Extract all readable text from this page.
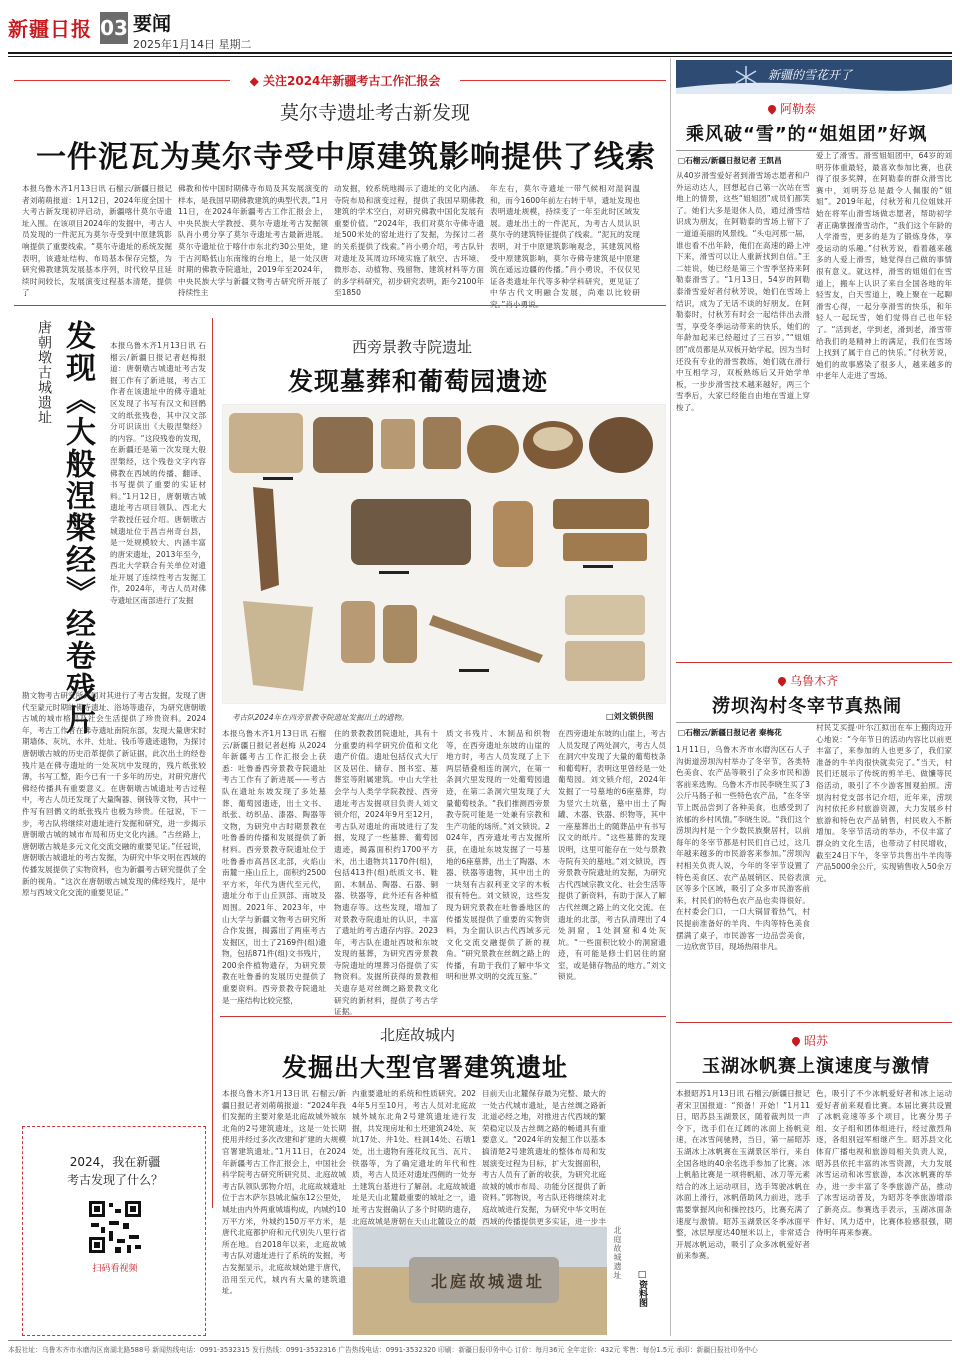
新疆日报 03 要闻
2025年1月14日 星期二
◆ 关注2024年新疆考古工作汇报会	新疆的雪花开了
莫尔寺遗址考古新发现
一件泥瓦为莫尔寺受中原建筑影响提供了线索
本报乌鲁木齐1月13日讯 石榴云/新疆日报记者刘萌萌报道：1月12日，2024年度全国十大考古新发现初评启动，新疆喀什莫尔寺遗址入围。在该项目2024年的发掘中，考古人员发现的一件泥瓦为莫尔寺受到中原建筑影响提供了重要线索。“莫尔寺遗址的系统发掘表明，该遗址结构、布局基本保存完整，为研究佛教建筑发展基本序列，时代较早且延续时间较长，发展演变过程基本清楚，提供了
佛教和传中国时期佛寺布局及其发展演变的样本，是我国早期佛教建筑的典型代表。”1月11日，在2024年新疆考古工作汇报会上，中央民族大学教授、莫尔寺遗址考古发掘领队肖小勇分享了莫尔寺遗址考古最新进展。莫尔寺遗址位于喀什市东北约30公里处，建于古河略低山东南缘的台地上，是一处汉唐时期的佛教寺院遗址，2019年至2024年，中央民族大学与新疆文物考古研究所开展了持续性主
动发掘，较系统地揭示了遗址的文化内涵、寺院布局和演变过程，提供了我国早期佛教建筑的学术空白，对研究佛教中国化发展有重要价值。“2024年，我们对莫尔寺佛寺遗址500米处的窑址进行了发掘，为探讨二者的关系提供了线索。”肖小勇介绍，考古队针对遗址及其周边环境实施了航空、古环境、微形态、动植物、残留物、建筑材料等方面的多学科研究，初步研究表明，距今2100年至1850
年左右，莫尔寺遗址一带气候相对湿润温和，而今1600年前左右转干旱，遗址发现也表明遗址规模，持续变了一年至此时区域发展。遗址出土的一件泥瓦，为考古人员认识莫尔寺的建筑特征提供了线索。“泥瓦的发现表明，对于中原建筑影响观念，其建筑风格受中原建筑影响，莫尔寺佛寺建筑是中原建筑在遥远边疆的传播。”肖小勇说，不仅仅见证各类遗址年代等多种学科研究，更见证了中华古代文明融合发展，尚难以比较研
发现《大般涅槃经》经卷残片
唐朝墩古城遗址	本报乌鲁木齐1月13日讯 石榴云/新疆日报记者赵梅报道：唐朝墩古城遗址考古发掘工作有了新进展，考古工作者在该遗址中的佛寺遗址区发现了书写有汉文和回鹘文的纸张残卷，其中汉文部分可识读出《大般涅槃经》的内容。“这段残卷的发现，在新疆还是第一次发现大般涅槃经，这个残卷文字内容佛教在西域的传播、翻译、书写提供了重要的实证材料。”1月12日，唐朝墩古城遗址考古项目领队、西北大学教授任冠介绍。唐朝墩古城遗址位于昌吉州奇台县，是一处规模较大、内涵丰富的唐宋遗址，2013年至今，西北大学联合有关单位对遗址开展了连续性考古发掘工作，2024年，考古人员对佛寺遗址区南部进行了发掘
勘文物考古研究所共同对其进行了考古发掘，发现了唐代至蒙元时期的佛寺遗址、浴场等遗存，为研究唐朝墩古城的城市格局及社会生活提供了珍贵资料。2024年，考古工作者在佛寺遗址南院东部，发现大量唐宋时期墙体、灰坑、水井、灶址、钱币等遗迹遗物，为探讨唐朝墩古城的历史沿革提供了新证据，此次出土的经卷残片是在佛寺遗址的一处灰坑中发现的，残片纸张较薄，书写工整，距今已有一千多年的历史，对研究唐代佛经传播具有重要意义。在唐朝墩古城遗址考古过程中，考古人员还发现了大量陶器、铜钱等文物，其中一件写有回鹘文的纸张残片也极为珍贵。任冠说，下一步，考古队将继续对遗址进行发掘和研究，进一步揭示唐朝墩古城的城市布局和历史文化内涵。“古丝路上，唐朝墩古城是多元文化交流交融的重要见证。”任冠说，唐朝墩古城遗址的考古发掘，为研究中华文明在西域的传播发展提供了实物资料，也为新疆考古研究提供了全新的视角。“这次在唐朝墩古城发现的佛经残片，是中原与西域文化交流的重要见证。”
2024，我在新疆
考古发现了什么？
扫码看视频
西旁景教寺院遗址
发现墓葬和葡萄园遗迹
考古队2024年在西旁景教寺院遗址发掘出土的遗物。	□刘文锁供图
本报乌鲁木齐1月13日讯 石榴云/新疆日报记者赵梅 从2024年新疆考古工作汇报会上获悉：吐鲁番西旁景教寺院遗址考古工作有了新进展——考古队在遗址东坡发现了多处墓葬、葡萄园遗迹，出土文书、纸张、纺织品、漆器、陶器等文物，为研究中古时期景教在吐鲁番的传播和发展提供了新材料。西旁景教寺院遗址位于吐鲁番市高昌区北部，火焰山南麓一座山丘上，面积约2500平方米，年代为唐代至元代，遗址分布于山丘顶部、南坡及周围。2021年、2023年，中山大学与新疆文物考古研究所合作发掘，揭露出了两座考古发掘区，出土了2169件(组)遗物，包括871件(组)文书残片，200余件植物遗存，为研究景教在吐鲁番的发展历史提供了重要资料。西旁景教寺院遗址是一座结构比较完整，
住的景教教团院遗址，具有十分重要的科学研究价值和文化遗产价值。遗址包括仪式大厅区及居住、储存、图书室、墓葬室等附属建筑。中山大学社会学与人类学学院教授、西旁遗址考古发掘项目负责人刘文锁介绍，2024年9月至12月，考古队对遗址的南坡进行了发掘，发现了一些墓葬、葡萄园遗迹，揭露面积约1700平方米，出土遗物共1170件(组)，包括413件(组)纸质文书、鞋面、木制品、陶器、石器、铜器、铁器等，此外还有各种植物遗存等。这些发现，增加了对景教寺院遗址的认识，丰富了遗址的考古遗存内容。2023年，考古队在遗址西坡和东坡发现的墓葬，为研究西旁景教寺院遗址的埋葬习俗提供了实物资料。发掘所获得的景教相关遗存是对丝绸之路景教文化研究的新材料，提供了考古学证据。
质文书残片、木制品和织物等，在西旁遗址东坡的山崖的地方时，考古人员发现了上下两层错叠相连的洞穴，在第一条洞穴里发现的一处葡萄园遗迹，在第二条洞穴里发现了大量葡萄枝条。“我们推测西旁景教寺院可能是一处兼有宗教和生产功能的场所。”刘文锁说。2024年，西旁遗址考古发掘所获，在遗址东坡发掘了一号墓地的6座墓葬，出土了陶器、木器、铁器等遗物，其中出土的一块刻有古叙利亚文字的木板很有特色。刘文锁说，这些发现为研究景教在吐鲁番地区的传播发展提供了重要的实物资料，为全面认识古代西域多元文化交流交融提供了新的视角。“研究景教在丝绸之路上的传播，有助于我们了解中华文明和世界文明的交流互鉴。”
在西旁遗址东坡的山崖上，考古人员发现了两处洞穴，考古人员在洞穴中发现了大量的葡萄枝条和葡萄籽，表明这里曾经是一处葡萄园。刘文锁介绍，2024年发掘了一号墓地的6座墓葬，均为竖穴土坑墓，墓中出土了陶罐、木器、铁器、织物等，其中一座墓葬出土的随葬品中有书写汉文的纸片。“这些墓葬的发现说明，这里可能存在一处与景教寺院有关的墓地。”刘文锁说，西旁景教寺院遗址的发掘，为研究古代西域宗教文化、社会生活等提供了新资料，有助于深入了解古代丝绸之路上的文化交流。在遗址的北部，考古队清理出了4处洞窟，1处洞窟和4处灰坑。“一些面积比较小的洞窟遗迹，有可能是修士们居住的窟室，或是储存物品的地方。”刘文锁说。
北庭故城内
发掘出大型官署建筑遗址
本报乌鲁木齐1月13日讯 石榴云/新疆日报记者刘萌萌报道：“2024年我们发掘的主要对象是北庭故城外城东北角的2号建筑遗址，这是一处长期使用并经过多次改建和扩建的大规模官署建筑遗址。”1月11日，在2024年新疆考古工作汇报会上，中国社会科学院考古研究所研究员、北庭故城考古队领队郭物介绍，北庭故城遗址位于吉木萨尔县城北偏东12公里处，城址由内外两重城墙构成，内城约10万平方米，外城约150万平方米，是唐代北庭都护府和元代别失八里行省所在地。自2018年以来，北庭故城考古队对遗址进行了系统的发掘，考古发掘显示，北庭故城始建于唐代，沿用至元代，城内有大量的建筑遗址。
内重要遗址的系统和性质研究。2024年5月至10月，考古人员对北庭故城外城东北角2号建筑遗址进行发掘，共发现房址和土坯建筑24处、灰坑17处、井1处、柱洞14处、石墩1处，出土遗物有莲花纹瓦当、瓦片、铁器等，为了确定遗址的年代和性质，考古人员还对遗址西侧的一处夯土建筑台基进行了解剖。北庭故城遗址是天山北麓最重要的城址之一，遗址考古发掘确认了多个时期的遗存，北庭故城是唐朝在天山北麓设立的最
目前天山北麓保存最为完整、最大的一处古代城市遗址，是古丝绸之路新北道必经之地，对推进古代西域的繁荣稳定以及古丝绸之路的畅通具有重要意义。“2024年的发掘工作以基本搞清楚2号建筑遗址的整体布局和发展演变过程为目标，扩大发掘面积，考古人员有了新的收获，为研究北庭故城的城市布局、功能分区提供了新资料。”郭物说，考古队还将继续对北庭故城进行发掘，为研究中华文明在西域的传播提供更多实证，进一步丰
北庭故城遗址
北庭故城遗址
□资料图
阿勒泰
乘风破“雪”的“姐姐团”好飒
□石榴云/新疆日报记者 王凯昌
从40岁滑雪爱好者到滑雪场志愿者和户外运动达人，回想起自己第一次站在雪地上的情景，这些“姐姐团”成员们都笑了。她们大多是退休人员，通过滑雪结识成为朋友，在阿勒泰的雪场上留下了一道道美丽的风景线。“头屯河那一届，谁也看不出年龄，俺们在高速的路上冲下来，滑雪可以让人重新找到自信。”王二娃说，她已经是第三个雪季坚持来阿勒泰滑雪了。“1月13日，54岁的阿勒泰滑雪爱好者付秋芳说，她们在雪场上结识，成为了无话不谈的好朋友。在阿勒泰时，付秋芳有时会一起结伴出去滑雪，享受冬季运动带来的快乐，她们的年龄加起来已经超过了三百岁。”“姐姐团”成员都是从双板开始学起，因为当时还没有专业的滑雪教练，她们就在滑行中互相学习，双板熟练后又开始学单板，一步步滑雪技术越来越好，两三个雪季后，大家已经能自由地在雪道上穿梭了。
爱上了滑雪。滑雪姐姐团中，64岁的刘明芬体重最轻，最喜欢参加比赛，也获得了很多奖牌，在阿勒泰的群众滑雪比赛中，刘明芬总是最令人佩服的“姐姐”。2019年起，付秋芳和几位姐妹开始在将军山滑雪场做志愿者，帮助初学者正确掌握滑雪动作，“我们这个年龄的人学滑雪，更多的是为了锻炼身体，享受运动的乐趣。”付秋芳说，看着越来越多的人爱上滑雪，她觉得自己做的事情很有意义。就这样，滑雪的姐姐们在雪道上，搬车上认识了来自全国各地的年轻雪友，白天雪道上，晚上聚在一起聊滑雪心得，一起分享滑雪的快乐，和年轻人一起玩雪，她们觉得自己也年轻了。“活到老，学到老，滑到老，滑雪带给我们的是精神上的满足，我们在雪场上找到了属于自己的快乐。”付秋芳说，她们的故事感染了很多人，越来越多的中老年人走进了雪场。
乌鲁木齐
涝坝沟村冬宰节真热闹
□石榴云/新疆日报记者 秦梅花
1月11日，乌鲁木齐市水磨沟区石人子沟街道涝坝沟村举办了冬宰节，各类特色美食、农产品等吸引了众多市民和游客前来选购。乌鲁木齐市民李晓生买了3公斤马肠子和一些特色农产品，“在冬宰节上既品尝到了各种美食，也感受到了浓郁的乡村风情。”李晓生说。“我们这个涝坝沟村是一个少数民族聚居村，以前每年的冬宰节都是村民们自己过，这几年越来越多的市民游客来参加。”涝坝沟村相关负责人说，今年的冬宰节设置了特色美食区、农产品展销区、民俗表演区等多个区域，吸引了众多市民游客前来，村民们的特色农产品也卖得很好。在村委会门口，一口大锅冒着热气，村民提前准备好的羊肉、牛肉等特色美食摆满了桌子，市民游客一边品尝美食，一边欣赏节目，现场热闹非凡。
村民艾买提·叶尔江拟出在车上搬肉边开心地说：“今年节日的活动内容比以前更丰富了，来参加的人也更多了，我们家准备的牛羊肉很快就卖完了。”当天，村民们还展示了传统的剪羊毛、做馕等民俗活动，吸引了不少游客围观拍照。涝坝沟村党支部书记介绍，近年来，涝坝沟村依托乡村旅游资源，大力发展乡村旅游和特色农产品销售，村民收入不断增加。冬宰节活动的举办，不仅丰富了群众的文化生活，也带动了村民增收，截至24日下午，冬宰节共售出牛羊肉等产品5000余公斤，实现销售收入50余万元。
昭苏
玉湖冰帆赛上演速度与激情
本报昭苏1月13日讯 石榴云/新疆日报记者宋卫国报道：“预备！开始！”1月11日，昭苏县玉湖景区，随着裁判员一声令下，选手们在辽阔的冰面上扬帆竞速，在冰雪间驰骋，当日，第一届昭苏玉湖冰上冰帆赛在玉湖景区举行，来自全国各地的40余名选手参加了比赛。冰上帆船比赛是一项将帆船、冰刀等元素结合的冰上运动项目，选手驾驶冰帆在冰面上滑行，冰帆借助风力前进，选手需要掌握风向和操控技巧，比赛充满了速度与激情。昭苏玉湖景区冬季冰面平整，冰层厚度达40厘米以上，非常适合开展冰帆运动，吸引了众多冰帆爱好者前来参赛。
色，吸引了不少冰帆爱好者和冰上运动爱好者前来观看比赛。本届比赛共设置了冰帆竞速等多个项目，比赛分男子组、女子组和团体组进行，经过激烈角逐，各组别冠军相继产生。昭苏县文化体育广播电视和旅游局相关负责人说，昭苏县依托丰富的冰雪资源，大力发展冰雪运动和冰雪旅游，本次冰帆赛的举办，进一步丰富了冬季旅游产品，推动了冰雪运动普及，为昭苏冬季旅游增添了新亮点。参赛选手表示，玉湖冰面条件好、风力适中，比赛体验感很强，期待明年再来参赛。
本报社址：乌鲁木齐市水磨沟区南湖北路588号 新闻热线电话：0991-3532315 发行热线：0991-3532316 广告热线电话：0991-3532320 印刷：新疆日报印务中心 订价：每月36元 全年定价：432元 零售：每份1.5元 承印：新疆日报社印务中心
